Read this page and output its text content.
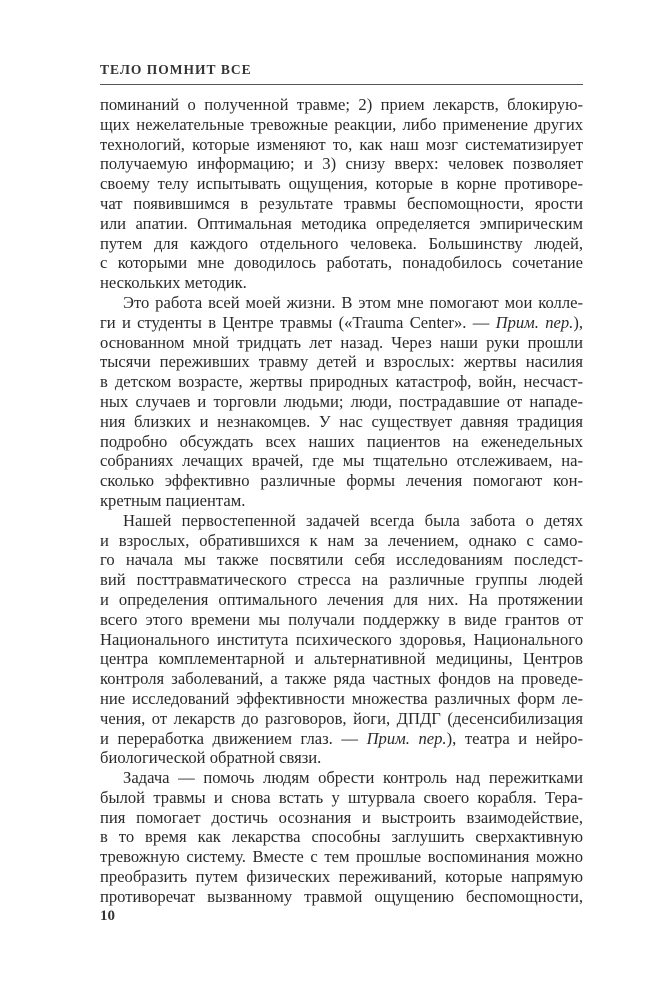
ТЕЛО ПОМНИТ ВСЕ
поминаний о полученной травме; 2) прием лекарств, блокирую-
щих нежелательные тревожные реакции, либо применение других
технологий, которые изменяют то, как наш мозг систематизирует
получаемую информацию; и 3) снизу вверх: человек позволяет
своему телу испытывать ощущения, которые в корне противоре-
чат появившимся в результате травмы беспомощности, ярости
или апатии. Оптимальная методика определяется эмпирическим
путем для каждого отдельного человека. Большинству людей,
с которыми мне доводилось работать, понадобилось сочетание
нескольких методик.
Это работа всей моей жизни. В этом мне помогают мои колле-
ги и студенты в Центре травмы («Trauma Center». — Прим. пер.),
основанном мной тридцать лет назад. Через наши руки прошли
тысячи переживших травму детей и взрослых: жертвы насилия
в детском возрасте, жертвы природных катастроф, войн, несчаст-
ных случаев и торговли людьми; люди, пострадавшие от нападе-
ния близких и незнакомцев. У нас существует давняя традиция
подробно обсуждать всех наших пациентов на еженедельных
собраниях лечащих врачей, где мы тщательно отслеживаем, на-
сколько эффективно различные формы лечения помогают кон-
кретным пациентам.
Нашей первостепенной задачей всегда была забота о детях
и взрослых, обратившихся к нам за лечением, однако с само-
го начала мы также посвятили себя исследованиям последст-
вий посттравматического стресса на различные группы людей
и определения оптимального лечения для них. На протяжении
всего этого времени мы получали поддержку в виде грантов от
Национального института психического здоровья, Национального
центра комплементарной и альтернативной медицины, Центров
контроля заболеваний, а также ряда частных фондов на проведе-
ние исследований эффективности множества различных форм ле-
чения, от лекарств до разговоров, йоги, ДПДГ (десенсибилизация
и переработка движением глаз. — Прим. пер.), театра и нейро-
биологической обратной связи.
Задача — помочь людям обрести контроль над пережитками
былой травмы и снова встать у штурвала своего корабля. Тера-
пия помогает достичь осознания и выстроить взаимодействие,
в то время как лекарства способны заглушить сверхактивную
тревожную систему. Вместе с тем прошлые воспоминания можно
преобразить путем физических переживаний, которые напрямую
противоречат вызванному травмой ощущению беспомощности,
10
